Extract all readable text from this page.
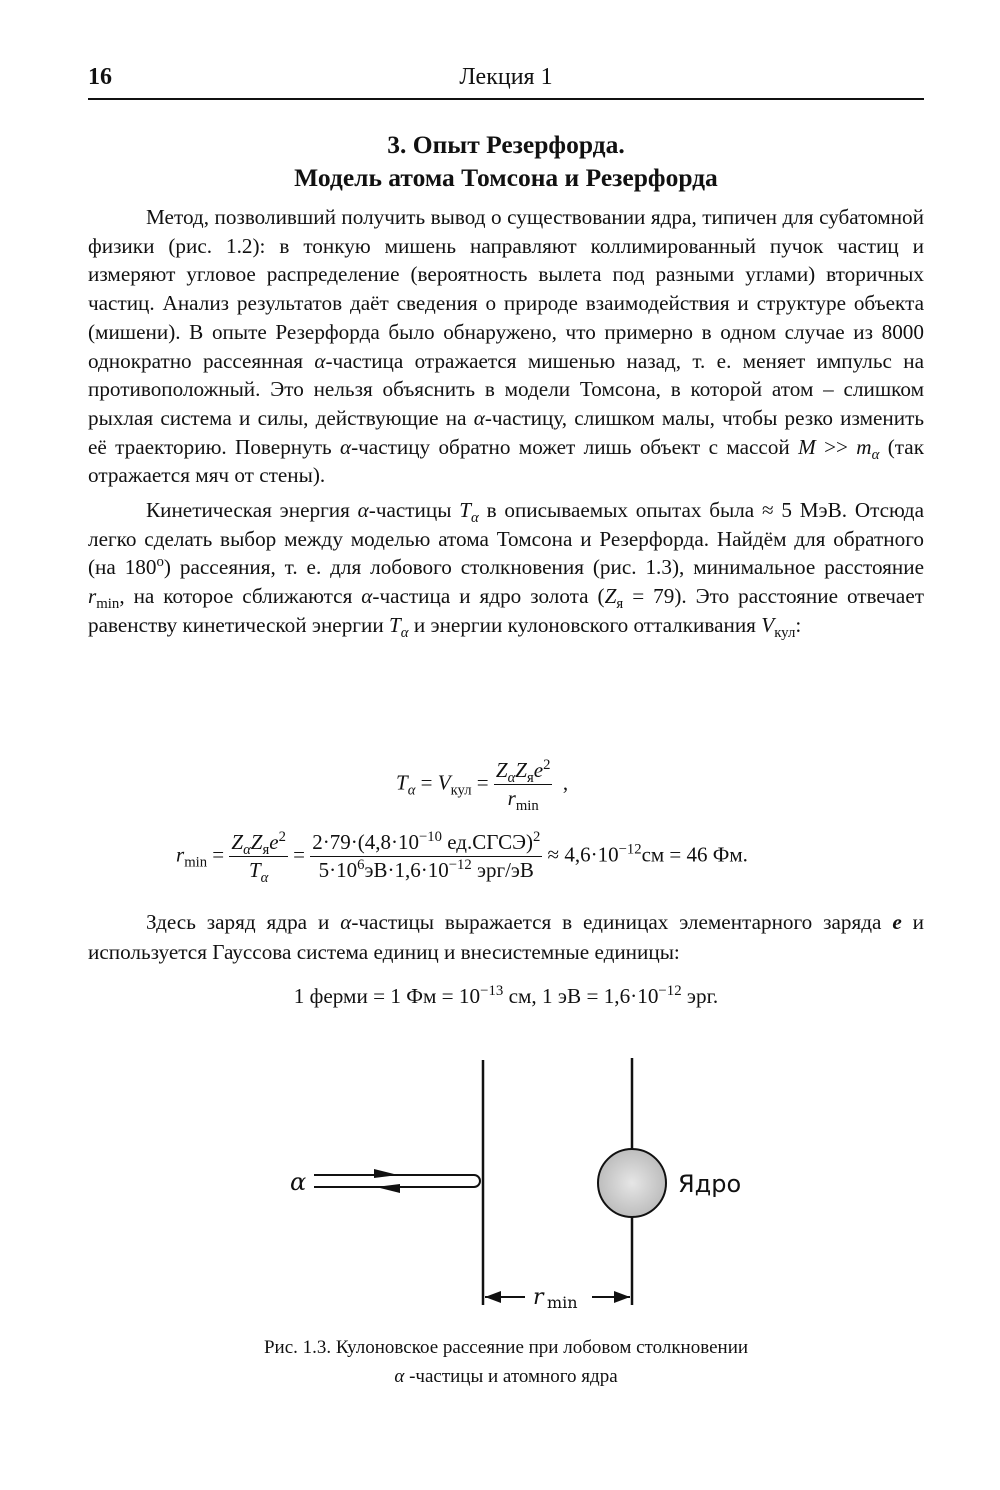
16	Лекция 1
3. Опыт Резерфорда.
Модель атома Томсона и Резерфорда

Метод, позволивший получить вывод о существовании ядра, типичен для субатомной физики (рис. 1.2): в тонкую мишень направляют коллимированный пучок частиц и измеряют угловое распределение (вероятность вылета под разными углами) вторичных частиц. Анализ результатов даёт сведения о природе взаимодействия и структуре объекта (мишени). В опыте Резерфорда было обнаружено, что примерно в одном случае из 8000 однократно рассеянная α-частица отражается мишенью назад, т. е. меняет импульс на противоположный. Это нельзя объяснить в модели Томсона, в которой атом – слишком рыхлая система и силы, действующие на α-частицу, слишком малы, чтобы резко изменить её траекторию. Повернуть α-частицу обратно может лишь объект с массой $M >> m_\alpha$ (так отражается мяч от стены).

Кинетическая энергия α-частицы $T_\alpha$ в описываемых опытах была ≈ 5 МэВ. Отсюда легко сделать выбор между моделью атома Томсона и Резерфорда. Найдём для обратного (на 180$^o$) рассеяния, т. е. для лобового столкновения (рис. 1.3), минимальное расстояние $r_{min}$, на которое сближаются α-частица и ядро золота $(Z_я = 79)$. Это расстояние отвечает равенству кинетической энергии $T_\alpha$ и энергии кулоновского отталкивания $V_{кул}$:

$T_\alpha = V_{кул} = \frac{Z_\alpha Z_яe^2}{r_{min}}$ ,
$r_{min} = \frac{Z_\alpha Z_яe^2}{T_\alpha} = \frac{2\cdot 79\cdot(4,8\cdot 10^{-10} ед.СГСЭ)^2}{5\cdot 10^6эВ\cdot 1,6\cdot 10^{-12} эрг/эВ} \approx 4,6\cdot 10^{-12}см = 46$ Фм.

Здесь заряд ядра и α-частицы выражается в единицах элементарного заряда e и используется Гауссова система единиц и внесистемные единицы:

1 ферми = 1 Фм = $10^{-13}$ см, 1 эВ = $1,6\cdot 10^{-12}$ эрг.
α	Ядро
r min
Рис. 1.3. Кулоновское рассеяние при лобовом столкновении
α -частицы и атомного ядра
